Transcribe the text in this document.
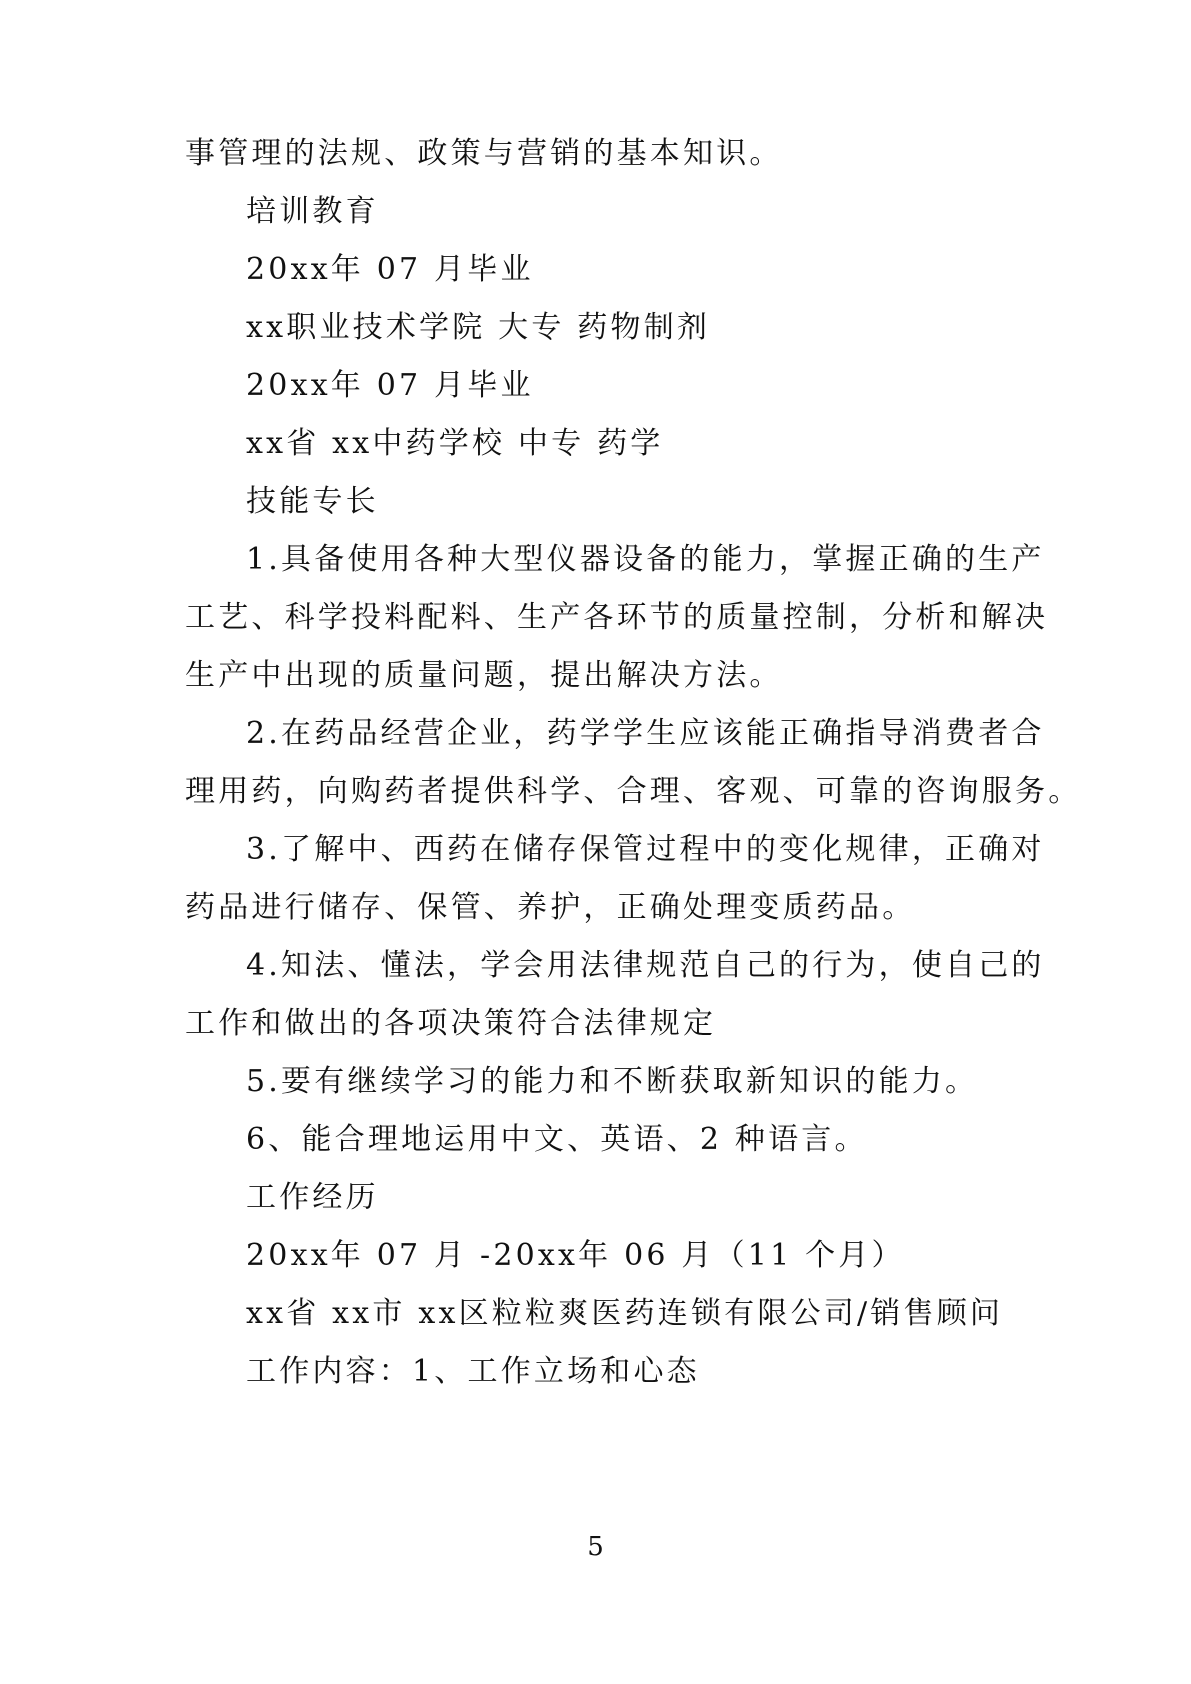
事管理的法规、政策与营销的基本知识。
培训教育
20xx年 07 月毕业
xx职业技术学院 大专 药物制剂
20xx年 07 月毕业
xx省 xx中药学校 中专 药学
技能专长
1.具备使用各种大型仪器设备的能力，掌握正确的生产
工艺、科学投料配料、生产各环节的质量控制，分析和解决
生产中出现的质量问题，提出解决方法。
2.在药品经营企业，药学学生应该能正确指导消费者合
理用药，向购药者提供科学、合理、客观、可靠的咨询服务。
3.了解中、西药在储存保管过程中的变化规律，正确对
药品进行储存、保管、养护，正确处理变质药品。
4.知法、懂法，学会用法律规范自己的行为，使自己的
工作和做出的各项决策符合法律规定
5.要有继续学习的能力和不断获取新知识的能力。
6、能合理地运用中文、英语、2 种语言。
工作经历
20xx年 07 月 -20xx年 06 月（11 个月）
xx省 xx市 xx区粒粒爽医药连锁有限公司/销售顾问
工作内容：1、工作立场和心态
5
